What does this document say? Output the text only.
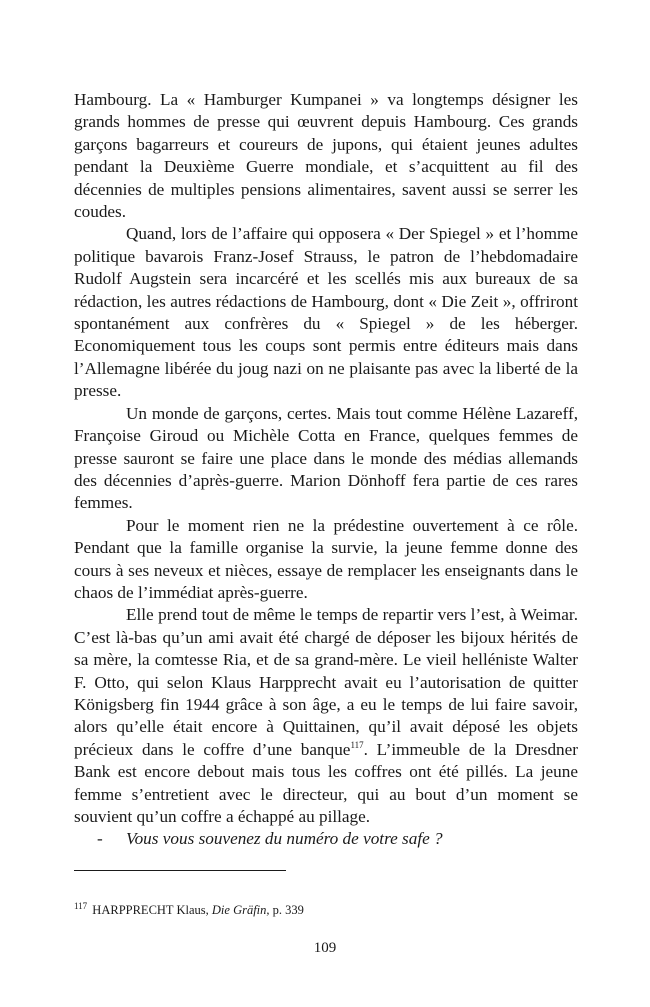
Hambourg. La « Hamburger Kumpanei » va longtemps désigner les grands hommes de presse qui œuvrent depuis Hambourg. Ces grands garçons bagarreurs et coureurs de jupons, qui étaient jeunes adultes pendant la Deuxième Guerre mondiale, et s’acquittent au fil des décennies de multiples pensions alimentaires, savent aussi se serrer les coudes.

Quand, lors de l’affaire qui opposera « Der Spiegel » et l’homme politique bavarois Franz-Josef Strauss, le patron de l’hebdomadaire Rudolf Augstein sera incarcéré et les scellés mis aux bureaux de sa rédaction, les autres rédactions de Hambourg, dont « Die Zeit », offriront spontanément aux confrères du « Spiegel » de les héberger. Economiquement tous les coups sont permis entre éditeurs mais dans l’Allemagne libérée du joug nazi on ne plaisante pas avec la liberté de la presse.

Un monde de garçons, certes. Mais tout comme Hélène Lazareff, Françoise Giroud ou Michèle Cotta en France, quelques femmes de presse sauront se faire une place dans le monde des médias allemands des décennies d’après-guerre. Marion Dönhoff fera partie de ces rares femmes.

Pour le moment rien ne la prédestine ouvertement à ce rôle. Pendant que la famille organise la survie, la jeune femme donne des cours à ses neveux et nièces, essaye de remplacer les enseignants dans le chaos de l’immédiat après-guerre.

Elle prend tout de même le temps de repartir vers l’est, à Weimar. C’est là-bas qu’un ami avait été chargé de déposer les bijoux hérités de sa mère, la comtesse Ria, et de sa grand-mère. Le vieil helléniste Walter F. Otto, qui selon Klaus Harpprecht avait eu l’autorisation de quitter Königsberg fin 1944 grâce à son âge, a eu le temps de lui faire savoir, alors qu’elle était encore à Quittainen, qu’il avait déposé les objets précieux dans le coffre d’une banque$^{117}$. L’immeuble de la Dresdner Bank est encore debout mais tous les coffres ont été pillés. La jeune femme s’entretient avec le directeur, qui au bout d’un moment se souvient qu’un coffre a échappé au pillage.

- Vous vous souvenez du numéro de votre safe ?

$^{117}$ HARPPRECHT Klaus, Die Gräfin, p. 339
109
